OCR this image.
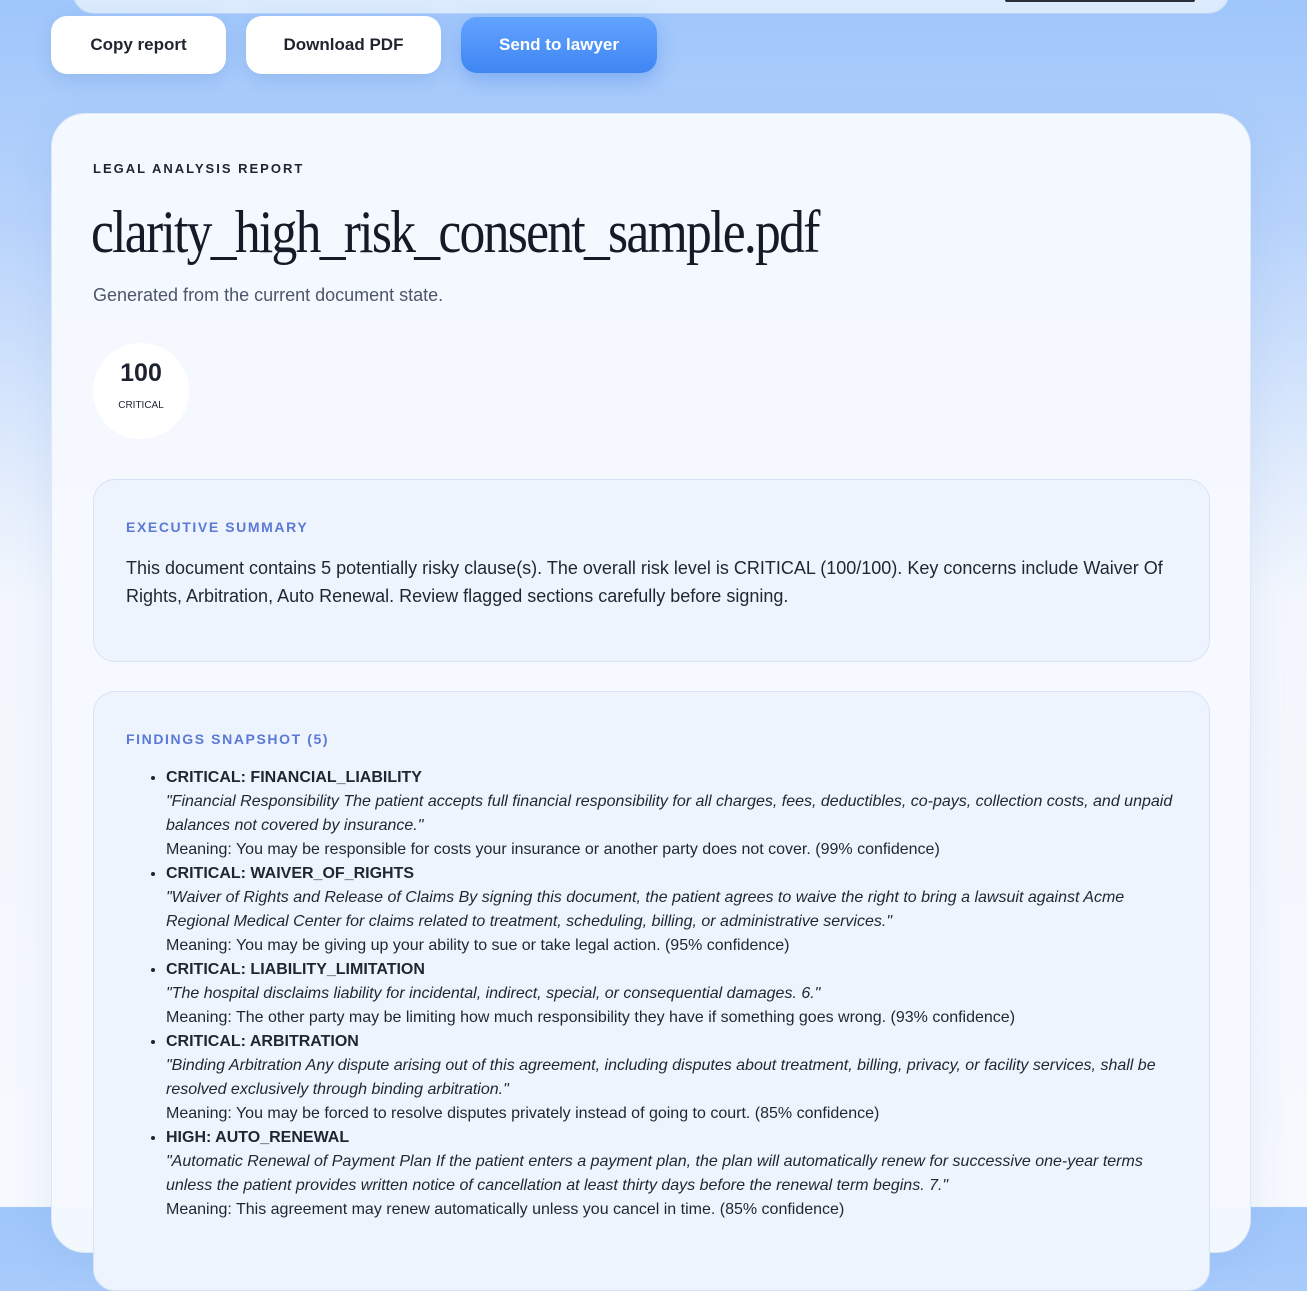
Copy report	Download PDF	Send to lawyer
LEGAL ANALYSIS REPORT
clarity_high_risk_consent_sample.pdf
Generated from the current document state.
100
CRITICAL
EXECUTIVE SUMMARY
This document contains 5 potentially risky clause(s). The overall risk level is CRITICAL (100/100). Key concerns include Waiver Of Rights, Arbitration, Auto Renewal. Review flagged sections carefully before signing.
FINDINGS SNAPSHOT (5)
• CRITICAL: FINANCIAL_LIABILITY
"Financial Responsibility The patient accepts full financial responsibility for all charges, fees, deductibles, co-pays, collection costs, and unpaid balances not covered by insurance."
Meaning: You may be responsible for costs your insurance or another party does not cover. (99% confidence)
• CRITICAL: WAIVER_OF_RIGHTS
"Waiver of Rights and Release of Claims By signing this document, the patient agrees to waive the right to bring a lawsuit against Acme Regional Medical Center for claims related to treatment, scheduling, billing, or administrative services."
Meaning: You may be giving up your ability to sue or take legal action. (95% confidence)
• CRITICAL: LIABILITY_LIMITATION
"The hospital disclaims liability for incidental, indirect, special, or consequential damages. 6."
Meaning: The other party may be limiting how much responsibility they have if something goes wrong. (93% confidence)
• CRITICAL: ARBITRATION
"Binding Arbitration Any dispute arising out of this agreement, including disputes about treatment, billing, privacy, or facility services, shall be resolved exclusively through binding arbitration."
Meaning: You may be forced to resolve disputes privately instead of going to court. (85% confidence)
• HIGH: AUTO_RENEWAL
"Automatic Renewal of Payment Plan If the patient enters a payment plan, the plan will automatically renew for successive one-year terms unless the patient provides written notice of cancellation at least thirty days before the renewal term begins. 7."
Meaning: This agreement may renew automatically unless you cancel in time. (85% confidence)
